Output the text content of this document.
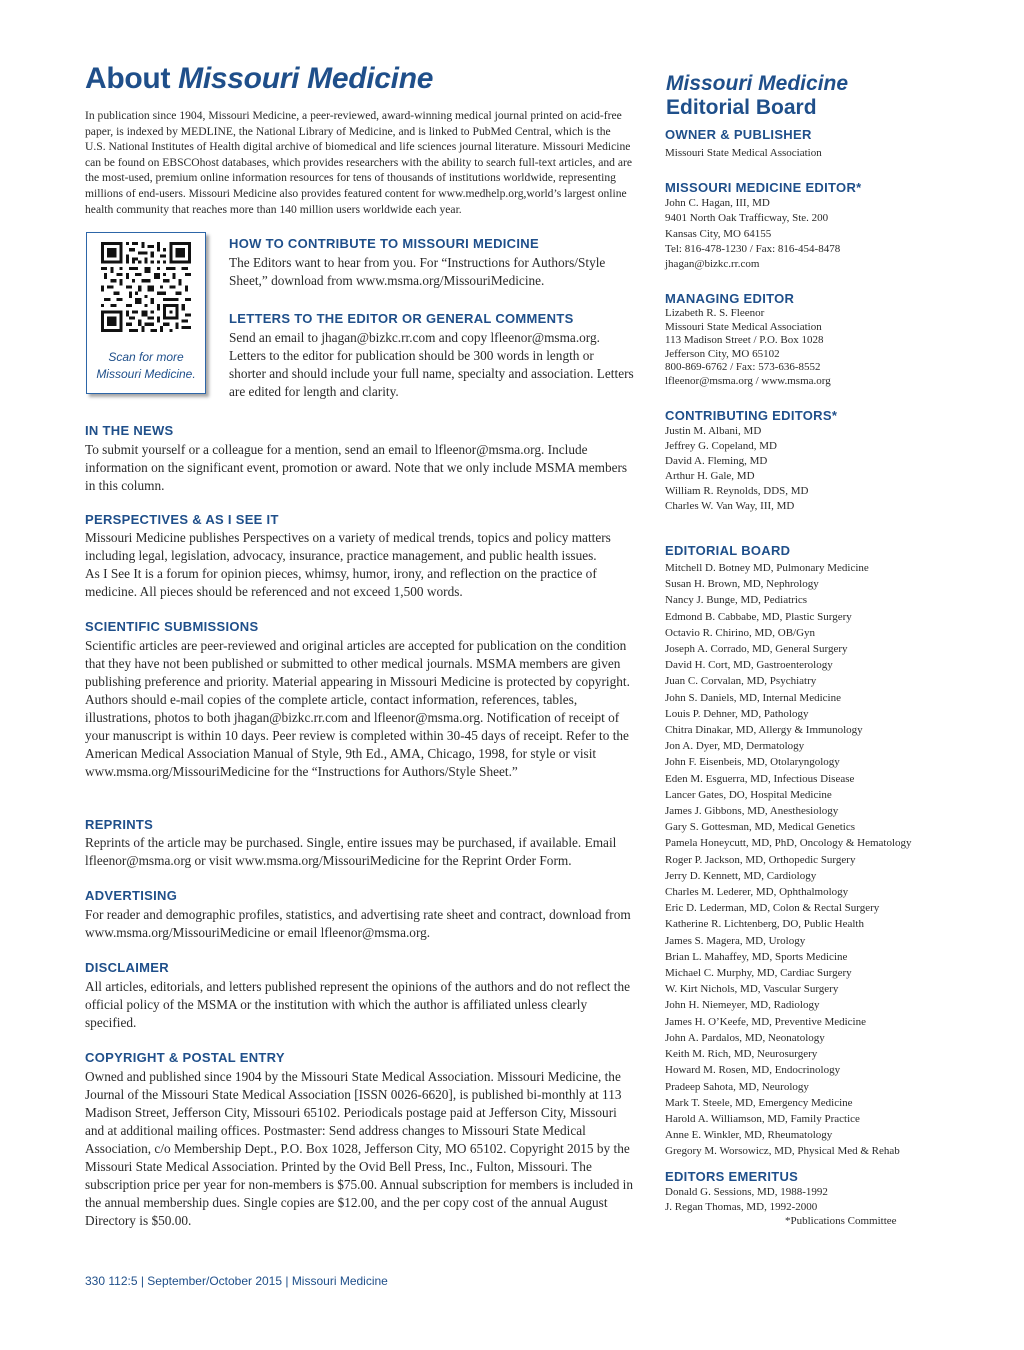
About Missouri Medicine

In publication since 1904, Missouri Medicine, a peer-reviewed, award-winning medical journal printed on acid-free paper, is indexed by MEDLINE, the National Library of Medicine, and is linked to PubMed Central, which is the U.S. National Institutes of Health digital archive of biomedical and life sciences journal literature. Missouri Medicine can be found on EBSCOhost databases, which provides researchers with the ability to search full-text articles, and are the most-used, premium online information resources for tens of thousands of institutions worldwide, representing millions of end-users. Missouri Medicine also provides featured content for www.medhelp.org,world’s largest online health community that reaches more than 140 million users worldwide each year.

Scan for more
Missouri Medicine.
HOW TO CONTRIBUTE TO MISSOURI MEDICINE

The Editors want to hear from you. For “Instructions for Authors/Style Sheet,” download from www.msma.org/MissouriMedicine.

LETTERS TO THE EDITOR OR GENERAL COMMENTS

Send an email to jhagan@bizkc.rr.com and copy lfleenor@msma.org. Letters to the editor for publication should be 300 words in length or shorter and should include your full name, specialty and association. Letters are edited for length and clarity.

IN THE NEWS

To submit yourself or a colleague for a mention, send an email to lfleenor@msma.org. Include information on the significant event, promotion or award. Note that we only include MSMA members in this column.

PERSPECTIVES & AS I SEE IT
Missouri Medicine publishes Perspectives on a variety of medical trends, topics and policy matters including legal, legislation, advocacy, insurance, practice management, and public health issues.
As I See It is a forum for opinion pieces, whimsy, humor, irony, and reflection on the practice of medicine. All pieces should be referenced and not exceed 1,500 words.
SCIENTIFIC SUBMISSIONS

Scientific articles are peer-reviewed and original articles are accepted for publication on the condition that they have not been published or submitted to other medical journals. MSMA members are given publishing preference and priority. Material appearing in Missouri Medicine is protected by copyright. Authors should e-mail copies of the complete article, contact information, references, tables, illustrations, photos to both jhagan@bizkc.rr.com and lfleenor@msma.org. Notification of receipt of your manuscript is within 10 days. Peer review is completed within 30-45 days of receipt. Refer to the American Medical Association Manual of Style, 9th Ed., AMA, Chicago, 1998, for style or visit www.msma.org/MissouriMedicine for the “Instructions for Authors/Style Sheet.”

REPRINTS

Reprints of the article may be purchased. Single, entire issues may be purchased, if available. Email lfleenor@msma.org or visit www.msma.org/MissouriMedicine for the Reprint Order Form.

ADVERTISING

For reader and demographic profiles, statistics, and advertising rate sheet and contract, download from www.msma.org/MissouriMedicine or email lfleenor@msma.org.

DISCLAIMER

All articles, editorials, and letters published represent the opinions of the authors and do not reflect the official policy of the MSMA or the institution with which the author is affiliated unless clearly specified.

COPYRIGHT & POSTAL ENTRY

Owned and published since 1904 by the Missouri State Medical Association. Missouri Medicine, the Journal of the Missouri State Medical Association [ISSN 0026-6620], is published bi-monthly at 113 Madison Street, Jefferson City, Missouri 65102. Periodicals postage paid at Jefferson City, Missouri and at additional mailing offices. Postmaster: Send address changes to Missouri State Medical Association, c/o Membership Dept., P.O. Box 1028, Jefferson City, MO 65102. Copyright 2015 by the Missouri State Medical Association. Printed by the Ovid Bell Press, Inc., Fulton, Missouri. The subscription price per year for non-members is $75.00. Annual subscription for members is included in the annual membership dues. Single copies are $12.00, and the per copy cost of the annual August Directory is $50.00.

Missouri Medicine
Editorial Board
OWNER & PUBLISHER
Missouri State Medical Association
MISSOURI MEDICINE EDITOR*
John C. Hagan, III, MD
9401 North Oak Trafficway, Ste. 200
Kansas City, MO 64155
Tel: 816-478-1230 / Fax: 816-454-8478
jhagan@bizkc.rr.com
MANAGING EDITOR
Lizabeth R. S. Fleenor
Missouri State Medical Association
113 Madison Street / P.O. Box 1028
Jefferson City, MO 65102
800-869-6762 / Fax: 573-636-8552
lfleenor@msma.org / www.msma.org
CONTRIBUTING EDITORS*
Justin M. Albani, MD
Jeffrey G. Copeland, MD
David A. Fleming, MD
Arthur H. Gale, MD
William R. Reynolds, DDS, MD
Charles W. Van Way, III, MD
EDITORIAL BOARD
Mitchell D. Botney MD, Pulmonary Medicine
Susan H. Brown, MD, Nephrology
Nancy J. Bunge, MD, Pediatrics
Edmond B. Cabbabe, MD, Plastic Surgery
Octavio R. Chirino, MD, OB/Gyn
Joseph A. Corrado, MD, General Surgery
David H. Cort, MD, Gastroenterology
Juan C. Corvalan, MD, Psychiatry
John S. Daniels, MD, Internal Medicine
Louis P. Dehner, MD, Pathology
Chitra Dinakar, MD, Allergy & Immunology
Jon A. Dyer, MD, Dermatology
John F. Eisenbeis, MD, Otolaryngology
Eden M. Esguerra, MD, Infectious Disease
Lancer Gates, DO, Hospital Medicine
James J. Gibbons, MD, Anesthesiology
Gary S. Gottesman, MD, Medical Genetics
Pamela Honeycutt, MD, PhD, Oncology & Hematology
Roger P. Jackson, MD, Orthopedic Surgery
Jerry D. Kennett, MD, Cardiology
Charles M. Lederer, MD, Ophthalmology
Eric D. Lederman, MD, Colon & Rectal Surgery
Katherine R. Lichtenberg, DO, Public Health
James S. Magera, MD, Urology
Brian L. Mahaffey, MD, Sports Medicine
Michael C. Murphy, MD, Cardiac Surgery
W. Kirt Nichols, MD, Vascular Surgery
John H. Niemeyer, MD, Radiology
James H. O’Keefe, MD, Preventive Medicine
John A. Pardalos, MD, Neonatology
Keith M. Rich, MD, Neurosurgery
Howard M. Rosen, MD, Endocrinology
Pradeep Sahota, MD, Neurology
Mark T. Steele, MD, Emergency Medicine
Harold A. Williamson, MD, Family Practice
Anne E. Winkler, MD, Rheumatology
Gregory M. Worsowicz, MD, Physical Med & Rehab
EDITORS EMERITUS
Donald G. Sessions, MD, 1988-1992
J. Regan Thomas, MD, 1992-2000
*Publications Committee
330 112:5 | September/October 2015 | Missouri Medicine
